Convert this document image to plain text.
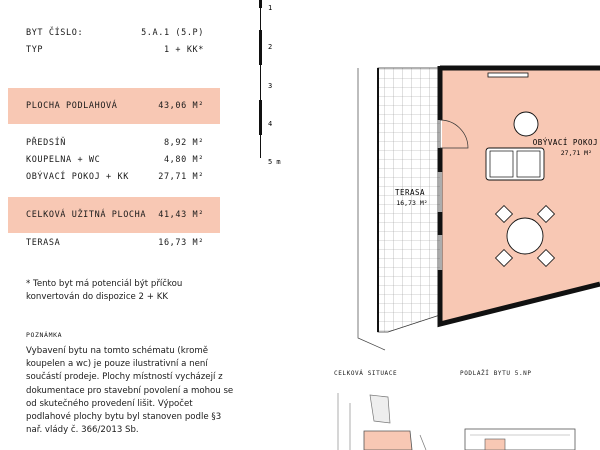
BYT ČÍSLO:	5.A.1 (5.P)
TYP	1 + KK*
PLOCHA PODLAHOVÁ	43,06 M²
PŘEDSÍŇ	8,92 M²
KOUPELNA + WC	4,80 M²
OBÝVACÍ POKOJ + KK	27,71 M²
CELKOVÁ UŽITNÁ PLOCHA 41,43 M²
TERASA	16,73 M²
* Tento byt má potenciál být příčkou konvertován do dispozice 2 + KK
POZNÁMKA
Vybavení bytu na tomto schématu (kromě koupelen a wc) je pouze ilustrativní a není součástí prodeje. Plochy místností vycházejí z dokumentace pro stavební povolení a mohou se od skutečného provedení lišit. Výpočet podlahové plochy bytu byl stanoven podle §3 nař. vlády č. 366/2013 Sb.
1
2
3
4
5 m
OBÝVACÍ POKOJ
27,71 M²
TERASA
16,73 M²
CELKOVÁ SITUACE	PODLAŽÍ BYTU 5.NP
